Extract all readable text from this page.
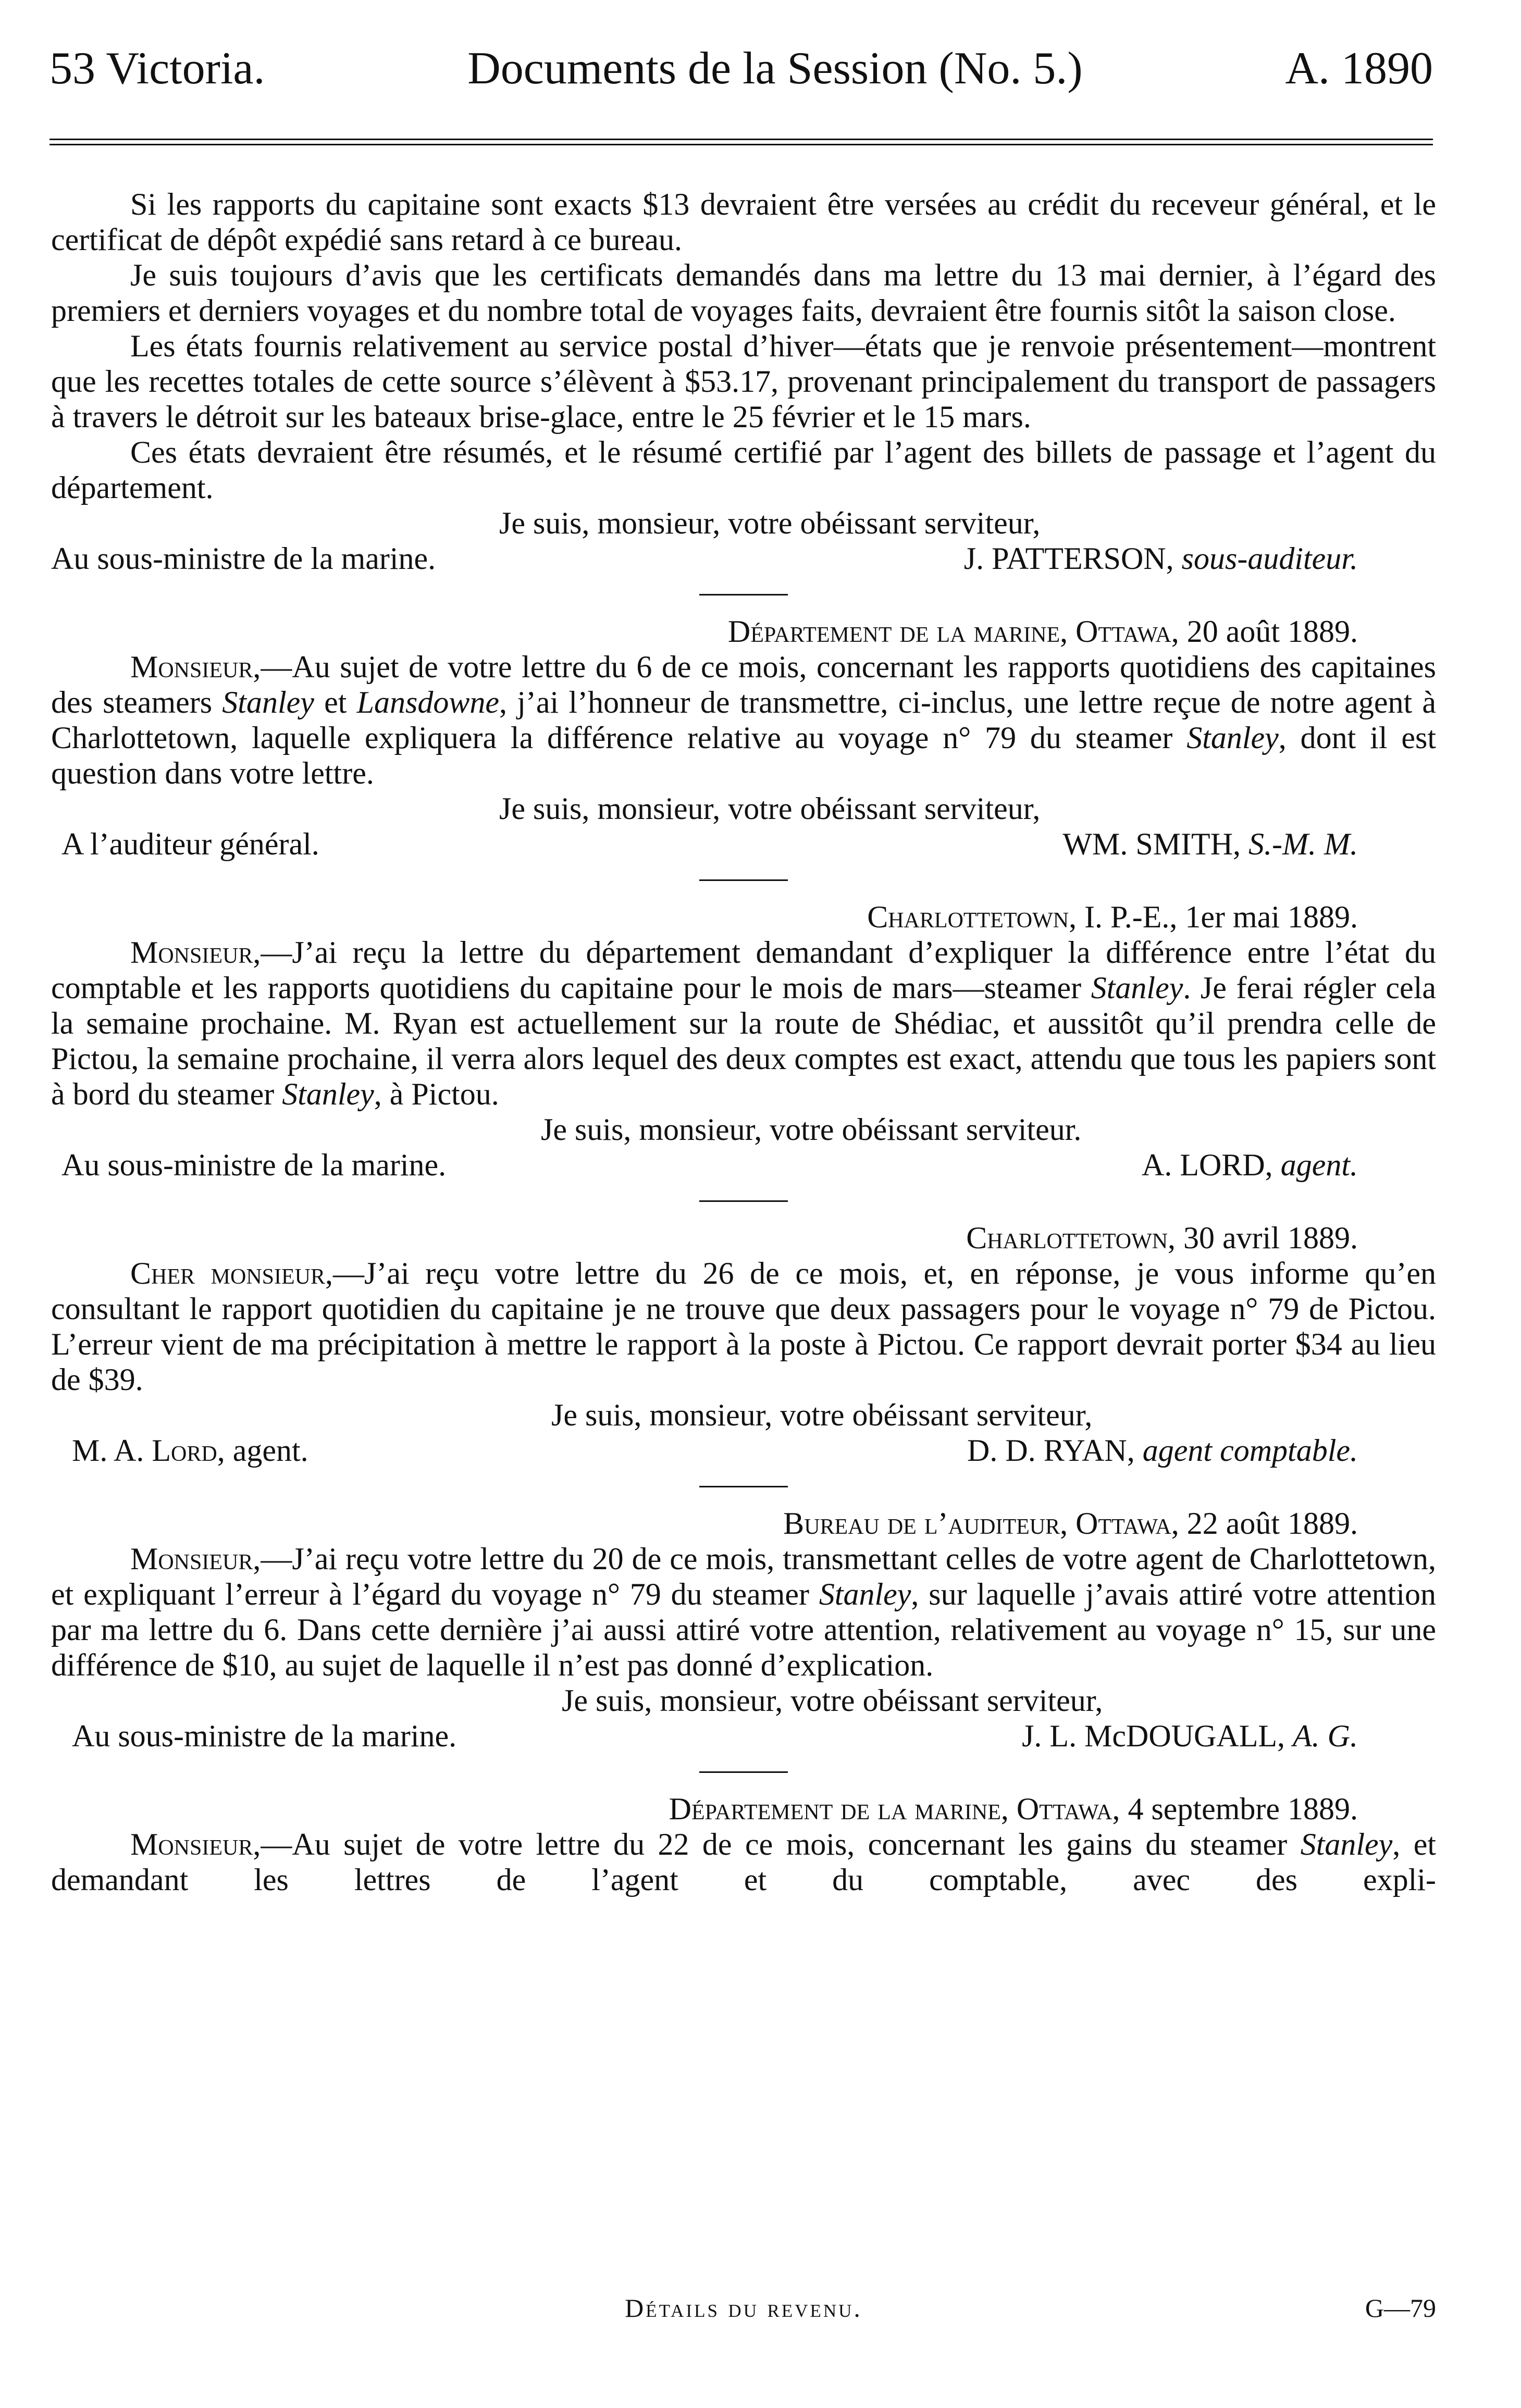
53 Victoria.	Documents de la Session (No. 5.)	A. 1890

Si les rapports du capitaine sont exacts $13 devraient être versées au crédit du receveur général, et le certificat de dépôt expédié sans retard à ce bureau.

Je suis toujours d’avis que les certificats demandés dans ma lettre du 13 mai dernier, à l’égard des premiers et derniers voyages et du nombre total de voyages faits, devraient être fournis sitôt la saison close.

Les états fournis relativement au service postal d’hiver—états que je renvoie présentement—montrent que les recettes totales de cette source s’élèvent à $53.17, provenant principalement du transport de passagers à travers le détroit sur les bateaux brise-glace, entre le 25 février et le 15 mars.

Ces états devraient être résumés, et le résumé certifié par l’agent des billets de passage et l’agent du département.

Je suis, monsieur, votre obéissant serviteur,
Au sous-ministre de la marine.	J. PATTERSON, sous-auditeur.
Département de la marine, Ottawa, 20 août 1889.

Monsieur,—Au sujet de votre lettre du 6 de ce mois, concernant les rapports quotidiens des capitaines des steamers Stanley et Lansdowne, j’ai l’honneur de transmettre, ci-inclus, une lettre reçue de notre agent à Charlottetown, laquelle expliquera la différence relative au voyage n° 79 du steamer Stanley, dont il est question dans votre lettre.

Je suis, monsieur, votre obéissant serviteur,
A l’auditeur général.	WM. SMITH, S.-M. M.
Charlottetown, I. P.-E., 1er mai 1889.

Monsieur,—J’ai reçu la lettre du département demandant d’expliquer la différence entre l’état du comptable et les rapports quotidiens du capitaine pour le mois de mars—steamer Stanley. Je ferai régler cela la semaine prochaine. M. Ryan est actuellement sur la route de Shédiac, et aussitôt qu’il prendra celle de Pictou, la semaine prochaine, il verra alors lequel des deux comptes est exact, attendu que tous les papiers sont à bord du steamer Stanley, à Pictou.

Je suis, monsieur, votre obéissant serviteur.
Au sous-ministre de la marine.	A. LORD, agent.
Charlottetown, 30 avril 1889.

Cher monsieur,—J’ai reçu votre lettre du 26 de ce mois, et, en réponse, je vous informe qu’en consultant le rapport quotidien du capitaine je ne trouve que deux passagers pour le voyage n° 79 de Pictou. L’erreur vient de ma précipitation à mettre le rapport à la poste à Pictou. Ce rapport devrait porter $34 au lieu de $39.

Je suis, monsieur, votre obéissant serviteur,
M. A. Lord, agent.	D. D. RYAN, agent comptable.
Bureau de l’auditeur, Ottawa, 22 août 1889.

Monsieur,—J’ai reçu votre lettre du 20 de ce mois, transmettant celles de votre agent de Charlottetown, et expliquant l’erreur à l’égard du voyage n° 79 du steamer Stanley, sur laquelle j’avais attiré votre attention par ma lettre du 6. Dans cette dernière j’ai aussi attiré votre attention, relativement au voyage n° 15, sur une différence de $10, au sujet de laquelle il n’est pas donné d’explication.

Je suis, monsieur, votre obéissant serviteur,
Au sous-ministre de la marine.	J. L. McDOUGALL, A. G.
Département de la marine, Ottawa, 4 septembre 1889.

Monsieur,—Au sujet de votre lettre du 22 de ce mois, concernant les gains du steamer Stanley, et demandant les lettres de l’agent et du comptable, avec des expli-

Détails du revenu.	G—79
